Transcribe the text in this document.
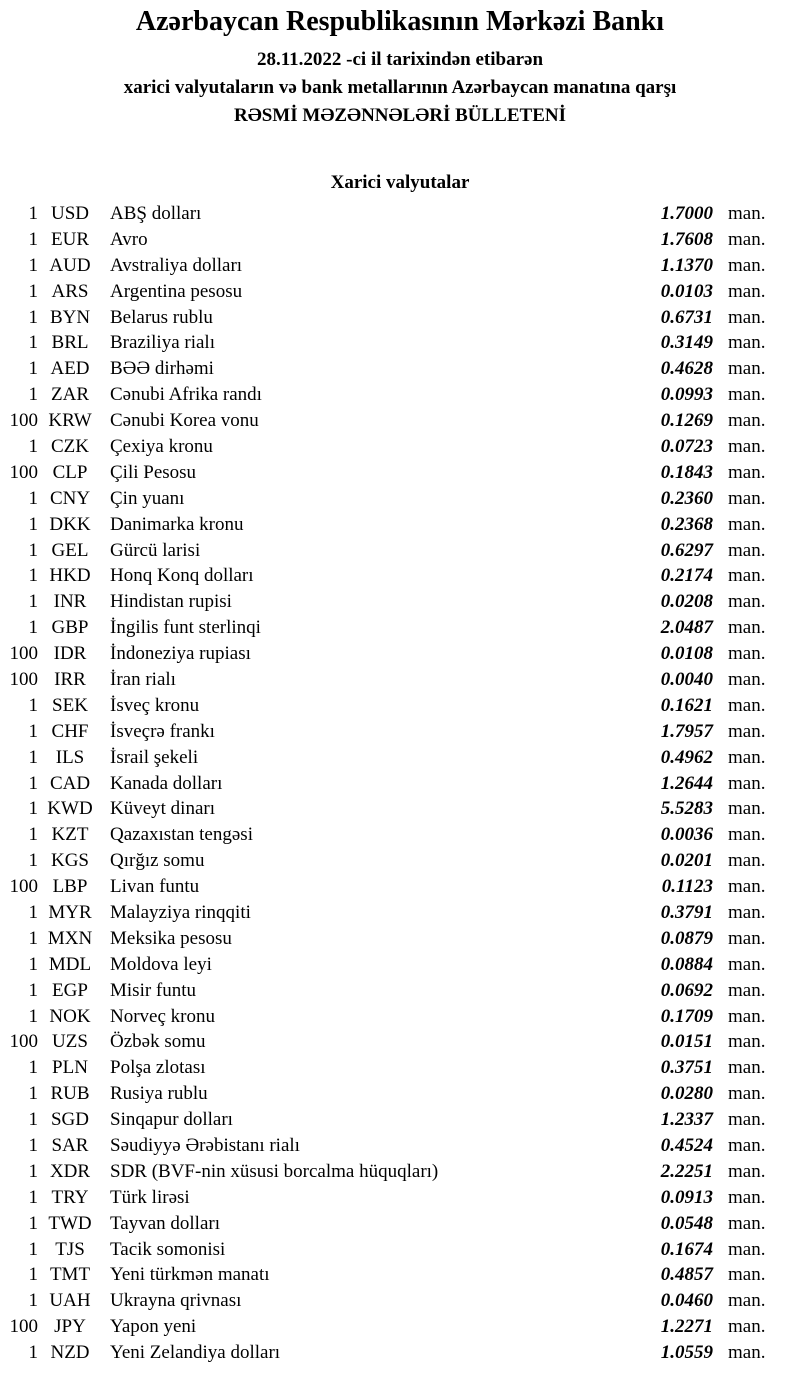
Azərbaycan Respublikasının Mərkəzi Bankı
28.11.2022 -ci il tarixindən etibarən
xarici valyutaların və bank metallarının Azərbaycan manatına qarşı
RƏSMİ MƏZƏNNƏLƏRİ BÜLLETENİ
Xarici valyutalar
1 USD	ABŞ dolları	1.7000 man.
1 EUR	Avro	1.7608 man.
1 AUD	Avstraliya dolları	1.1370 man.
1 ARS	Argentina pesosu	0.0103 man.
1 BYN	Belarus rublu	0.6731 man.
1 BRL	Braziliya rialı	0.3149 man.
1 AED	BƏƏ dirhəmi	0.4628 man.
1 ZAR	Cənubi Afrika randı	0.0993 man.
100 KRW Cənubi Korea vonu	0.1269 man.
1 CZK	Çexiya kronu	0.0723 man.
100 CLP	Çili Pesosu	0.1843 man.
1 CNY	Çin yuanı	0.2360 man.
1 DKK	Danimarka kronu	0.2368 man.
1 GEL	Gürcü larisi	0.6297 man.
1 HKD	Honq Konq dolları	0.2174 man.
1 INR	Hindistan rupisi	0.0208 man.
1 GBP	İngilis funt sterlinqi	2.0487 man.
100 IDR	İndoneziya rupiası	0.0108 man.
100 IRR	İran rialı	0.0040 man.
1 SEK	İsveç kronu	0.1621 man.
1 CHF	İsveçrə frankı	1.7957 man.
1 ILS	İsrail şekeli	0.4962 man.
1 CAD	Kanada dolları	1.2644 man.
1 KWD Küveyt dinarı	5.5283 man.
1 KZT	Qazaxıstan tengəsi	0.0036 man.
1 KGS	Qırğız somu	0.0201 man.
100 LBP	Livan funtu	0.1123 man.
1 MYR Malayziya rinqqiti	0.3791 man.
1 MXN Meksika pesosu	0.0879 man.
1 MDL Moldova leyi	0.0884 man.
1 EGP	Misir funtu	0.0692 man.
1 NOK	Norveç kronu	0.1709 man.
100 UZS	Özbək somu	0.0151 man.
1 PLN	Polşa zlotası	0.3751 man.
1 RUB	Rusiya rublu	0.0280 man.
1 SGD	Sinqapur dolları	1.2337 man.
1 SAR	Səudiyyə Ərəbistanı rialı	0.4524 man.
1 XDR	SDR (BVF-nin xüsusi borcalma hüquqları)	2.2251 man.
1 TRY	Türk lirəsi	0.0913 man.
1 TWD Tayvan dolları	0.0548 man.
1 TJS	Tacik somonisi	0.1674 man.
1 TMT	Yeni türkmən manatı	0.4857 man.
1 UAH	Ukrayna qrivnası	0.0460 man.
100 JPY	Yapon yeni	1.2271 man.
1 NZD	Yeni Zelandiya dolları	1.0559 man.
